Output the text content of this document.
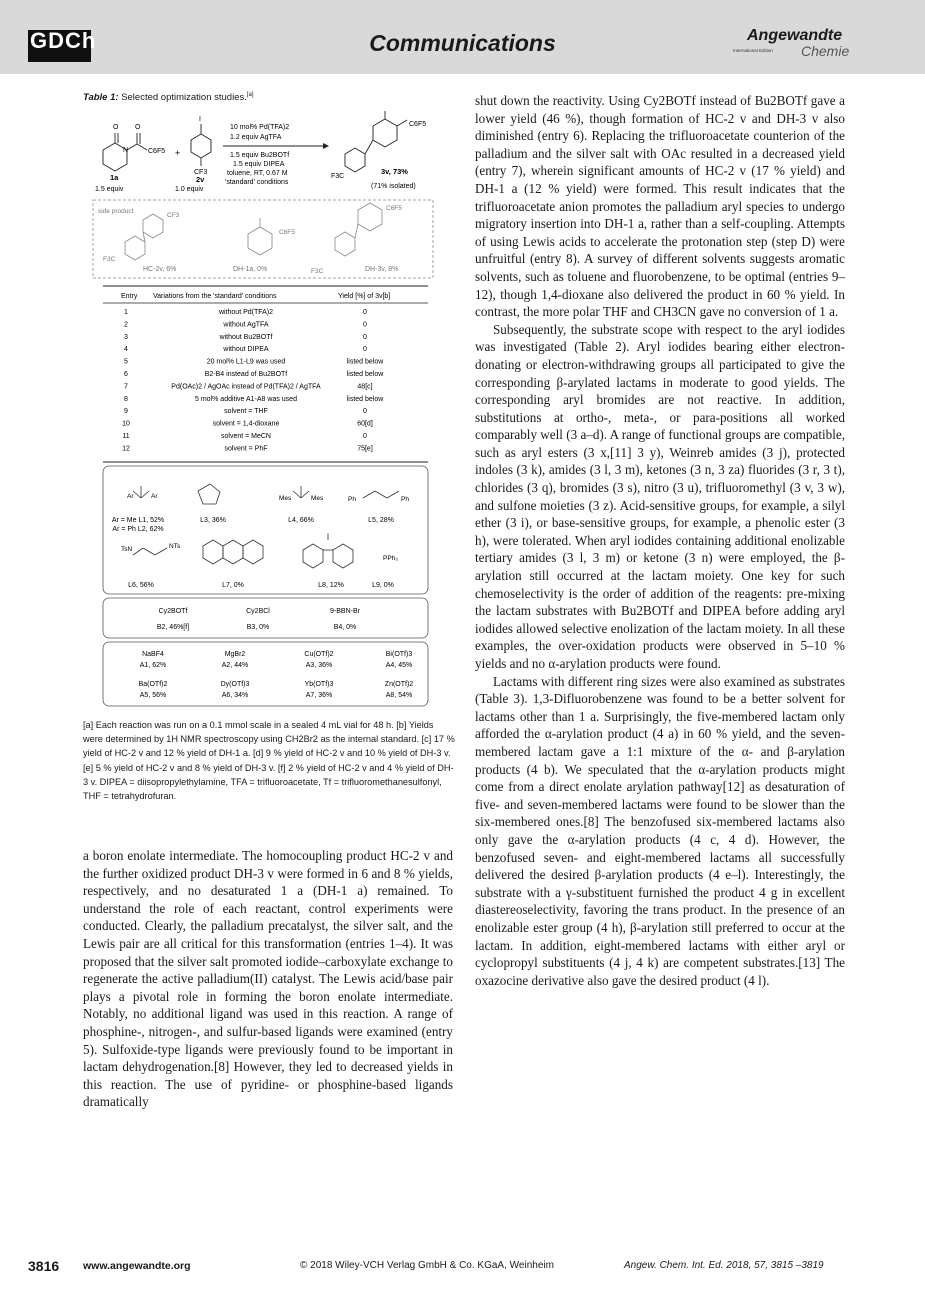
GDCh	Communications	Angewandte
International Edition Chemie
Table 1: Selected optimization studies.[a]
O O
N	C6F5
1a
1.5 equiv
+
I
CF3
2v
1.0 equiv
10 mol% Pd(TFA)2
1.2 equiv AgTFA
1.5 equiv Bu2BOTf
1.5 equiv DIPEA
toluene, RT, 0.67 M
'standard' conditions
F3C
C6F5
3v, 73%
(71% isolated)
side product
CF3
F3C
C6F5
C6F5
F3C
HC-2v, 6%	DH-1a, 0%	DH-3v, 8%
Entry Variations from the 'standard' conditions	Yield [%] of 3v[b]
1	without Pd(TFA)2	0
2	without AgTFA	0
3	without Bu2BOTf	0
4	without DIPEA	0
5	20 mol% L1-L9 was used	listed below
6	B2-B4 instead of Bu2BOTf	listed below
7	Pd(OAc)2 / AgOAc instead of Pd(TFA)2 / AgTFA	48[c]
8	5 mol% additive A1-A8 was used	listed below
9	solvent = THF	0
10	solvent = 1,4-dioxane	60[d]
11	solvent = MeCN	0
12	solvent = PhF	75[e]
Ar	Ar	Mes	Mes	Ph	Ph
TsN	NTs
PPh₃
Ar = Me L1, 52%
Ar = Ph L2, 62%
L3, 36%	L4, 66%	L5, 28%
L6, 56%	L7, 0%	L8, 12%	L9, 0%
Cy2BOTf
B2, 46%[f]
Cy2BCl
B3, 0%
9-BBN-Br
B4, 0%
NaBF4
A1, 62%
MgBr2
A2, 44%
Cu(OTf)2
A3, 36%
Bi(OTf)3
A4, 45%
Ba(OTf)2
A5, 56%
Dy(OTf)3
A6, 34%
Yb(OTf)3
A7, 36%
Zn(OTf)2
A8, 54%

[a] Each reaction was run on a 0.1 mmol scale in a sealed 4 mL vial for 48 h. [b] Yields were determined by 1H NMR spectroscopy using CH2Br2 as the internal standard. [c] 17 % yield of HC-2 v and 12 % yield of DH-1 a. [d] 9 % yield of HC-2 v and 10 % yield of DH-3 v. [e] 5 % yield of HC-2 v and 8 % yield of DH-3 v. [f] 2 % yield of HC-2 v and 4 % yield of DH-3 v. DIPEA = diisopropylethylamine, TFA = trifluoroacetate, Tf = trifluoromethanesulfonyl, THF = tetrahydrofuran.

a boron enolate intermediate. The homocoupling product HC-2 v and the further oxidized product DH-3 v were formed in 6 and 8 % yields, respectively, and no desaturated 1 a (DH-1 a) remained. To understand the role of each reactant, control experiments were conducted. Clearly, the palladium precatalyst, the silver salt, and the Lewis pair are all critical for this transformation (entries 1–4). It was proposed that the silver salt promoted iodide–carboxylate exchange to regenerate the active palladium(II) catalyst. The Lewis acid/base pair plays a pivotal role in forming the boron enolate intermediate. Notably, no additional ligand was used in this reaction. A range of phosphine-, nitrogen-, and sulfur-based ligands were examined (entry 5). Sulfoxide-type ligands were previously found to be important in lactam dehydrogenation.[8] However, they led to decreased yields in this reaction. The use of pyridine- or phosphine-based ligands dramatically

shut down the reactivity. Using Cy2BOTf instead of Bu2BOTf gave a lower yield (46 %), though formation of HC-2 v and DH-3 v also diminished (entry 6). Replacing the trifluoroacetate counterion of the palladium and the silver salt with OAc resulted in a decreased yield (entry 7), wherein significant amounts of HC-2 v (17 % yield) and DH-1 a (12 % yield) were formed. This result indicates that the trifluoroacetate anion promotes the palladium aryl species to undergo migratory insertion into DH-1 a, rather than a self-coupling. Attempts of using Lewis acids to accelerate the protonation step (step D) were unfruitful (entry 8). A survey of different solvents suggests aromatic solvents, such as toluene and fluorobenzene, to be optimal (entries 9–12), though 1,4-dioxane also delivered the product in 60 % yield. In contrast, the more polar THF and CH3CN gave no conversion of 1 a.

Subsequently, the substrate scope with respect to the aryl iodides was investigated (Table 2). Aryl iodides bearing either electron-donating or electron-withdrawing groups all participated to give the corresponding β-arylated lactams in moderate to good yields. The corresponding aryl bromides are not reactive. In addition, substitutions at ortho-, meta-, or para-positions all worked comparably well (3 a–d). A range of functional groups are compatible, such as aryl esters (3 x,[11] 3 y), Weinreb amides (3 j), protected indoles (3 k), amides (3 l, 3 m), ketones (3 n, 3 za) fluorides (3 r, 3 t), chlorides (3 q), bromides (3 s), nitro (3 u), trifluoromethyl (3 v, 3 w), and sulfone moieties (3 z). Acid-sensitive groups, for example, a silyl ether (3 i), or base-sensitive groups, for example, a phenolic ester (3 h), were tolerated. When aryl iodides containing additional enolizable tertiary amides (3 l, 3 m) or ketone (3 n) were employed, the β-arylation still occurred at the lactam moiety. One key for such chemoselectivity is the order of addition of the reagents: pre-mixing the lactam substrates with Bu2BOTf and DIPEA before adding aryl iodides allowed selective enolization of the lactam moiety. In all these examples, the over-oxidation products were observed in 5–10 % yields and no α-arylation products were found.

Lactams with different ring sizes were also examined as substrates (Table 3). 1,3-Difluorobenzene was found to be a better solvent for lactams other than 1 a. Surprisingly, the five-membered lactam only afforded the α-arylation product (4 a) in 60 % yield, and the seven-membered lactam gave a 1:1 mixture of the α- and β-arylation products (4 b). We speculated that the α-arylation products might come from a direct enolate arylation pathway[12] as desaturation of five- and seven-membered lactams were found to be slower than the six-membered ones.[8] The benzofused six-membered lactams also only gave the α-arylation products (4 c, 4 d). However, the benzofused seven- and eight-membered lactams all successfully delivered the desired β-arylation products (4 e–l). Interestingly, the substrate with a γ-substituent furnished the product 4 g in excellent diastereoselectivity, favoring the trans product. In the presence of an enolizable ester group (4 h), β-arylation still preferred to occur at the lactam. In addition, eight-membered lactams with either aryl or cyclopropyl substituents (4 j, 4 k) are competent substrates.[13] The oxazocine derivative also gave the desired product (4 l).

3816 www.angewandte.org	© 2018 Wiley-VCH Verlag GmbH & Co. KGaA, Weinheim	Angew. Chem. Int. Ed. 2018, 57, 3815 –3819
